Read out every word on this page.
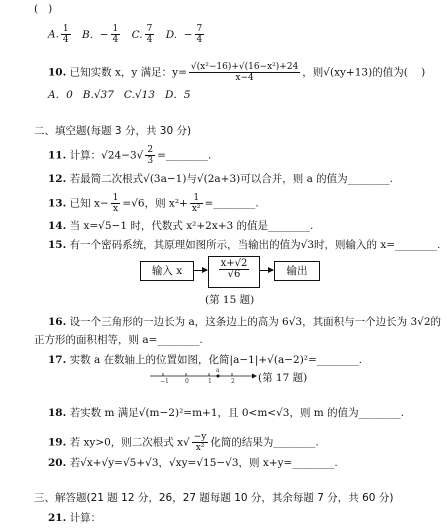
(   )
A. $\frac{1}{4} B$.  − $\frac{1}{4} C$. $\frac{7}{4} D$.  − $\frac{7}{4}$
10. 已知实数 x，y 满足：$y= \frac{\text{√(x²−16)+√(16−x²)+24}}{x-4}$ ，则√(xy+13)的值为(    )
A．0   B.√37   C.√13   D．5
二、填空题(每题 3 分，共 30 分)
11. 计算：$√24-3√ \frac{2}{3}$ =________.
12. 若最简二次根式√(3a−1)与√(2a+3)可以合并，则 a 的值为________.
13. 已知 $x- \frac{1}{x} =√6$，则 $x^2+ \frac{1}{\text{x²}}$ =________.
14. 当 x=√5−1 时，代数式 x²+2x+3 的值是________.
15. 有一个密码系统，其原理如图所示，当输出的值为√3时，则输入的 x=________.
输入 x	$\frac{x+√2}{√6}$	输出
(第 15 题)
16. 设一个三角形的一边长为 a，这条边上的高为 6√3，其面积与一个边长为 3√2的
正方形的面积相等，则 a=________.
17. 实数 a 在数轴上的位置如图，化简|a−1|+√(a−2)²=________.
−1	0	1
a
2 (第 17 题)
18. 若实数 m 满足√(m−2)²=m+1，且 0<m<√3，则 m 的值为________.
19. 若 xy>0，则二次根式 $x√ \frac{-y}{\text{x²}}$ 化简的结果为________.
20. 若√x+√y=√5+√3，√xy=√15−√3，则 x+y=________.
三、解答题(21 题 12 分，26，27 题每题 10 分，其余每题 7 分，共 60 分)
21. 计算：
